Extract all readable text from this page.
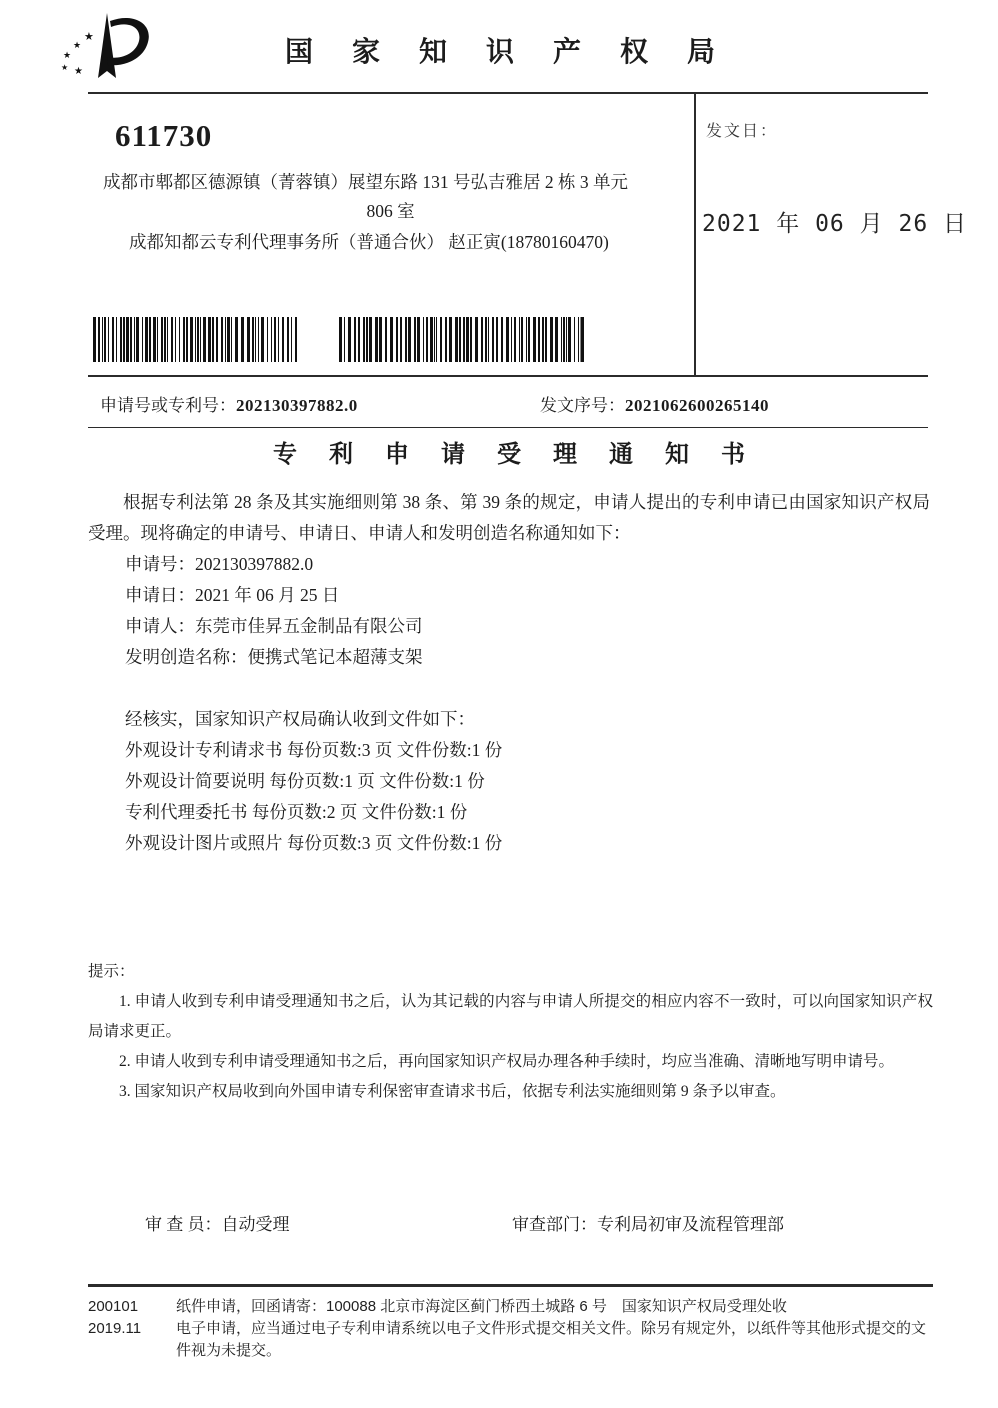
★
★
★
★ ★
国 家 知 识 产 权 局

611730

成都市郫都区德源镇（菁蓉镇）展望东路 131 号弘吉雅居 2 栋 3 单元
806 室
成都知都云专利代理事务所（普通合伙） 赵正寅(18780160470)
发文日：
2021 年 06 月 26 日
申请号或专利号：202130397882.0	发文序号：2021062600265140

专 利 申 请 受 理 通 知 书

根据专利法第 28 条及其实施细则第 38 条、第 39 条的规定，申请人提出的专利申请已由国家知识产权局受理。现将确定的申请号、申请日、申请人和发明创造名称通知如下：

申请号：202130397882.0
申请日：2021 年 06 月 25 日
申请人：东莞市佳昇五金制品有限公司
发明创造名称：便携式笔记本超薄支架
经核实，国家知识产权局确认收到文件如下：
外观设计专利请求书 每份页数:3 页 文件份数:1 份
外观设计简要说明 每份页数:1 页 文件份数:1 份
专利代理委托书 每份页数:2 页 文件份数:1 份
外观设计图片或照片 每份页数:3 页 文件份数:1 份

提示：

1. 申请人收到专利申请受理通知书之后，认为其记载的内容与申请人所提交的相应内容不一致时，可以向国家知识产权局请求更正。

2. 申请人收到专利申请受理通知书之后，再向国家知识产权局办理各种手续时，均应当准确、清晰地写明申请号。

3. 国家知识产权局收到向外国申请专利保密审查请求书后，依据专利法实施细则第 9 条予以审查。

审 查 员：自动受理	审查部门：专利局初审及流程管理部

200101

2019.11

纸件申请，回函请寄：100088 北京市海淀区蓟门桥西土城路 6 号　国家知识产权局受理处收

电子申请，应当通过电子专利申请系统以电子文件形式提交相关文件。除另有规定外，以纸件等其他形式提交的文件视为未提交。
